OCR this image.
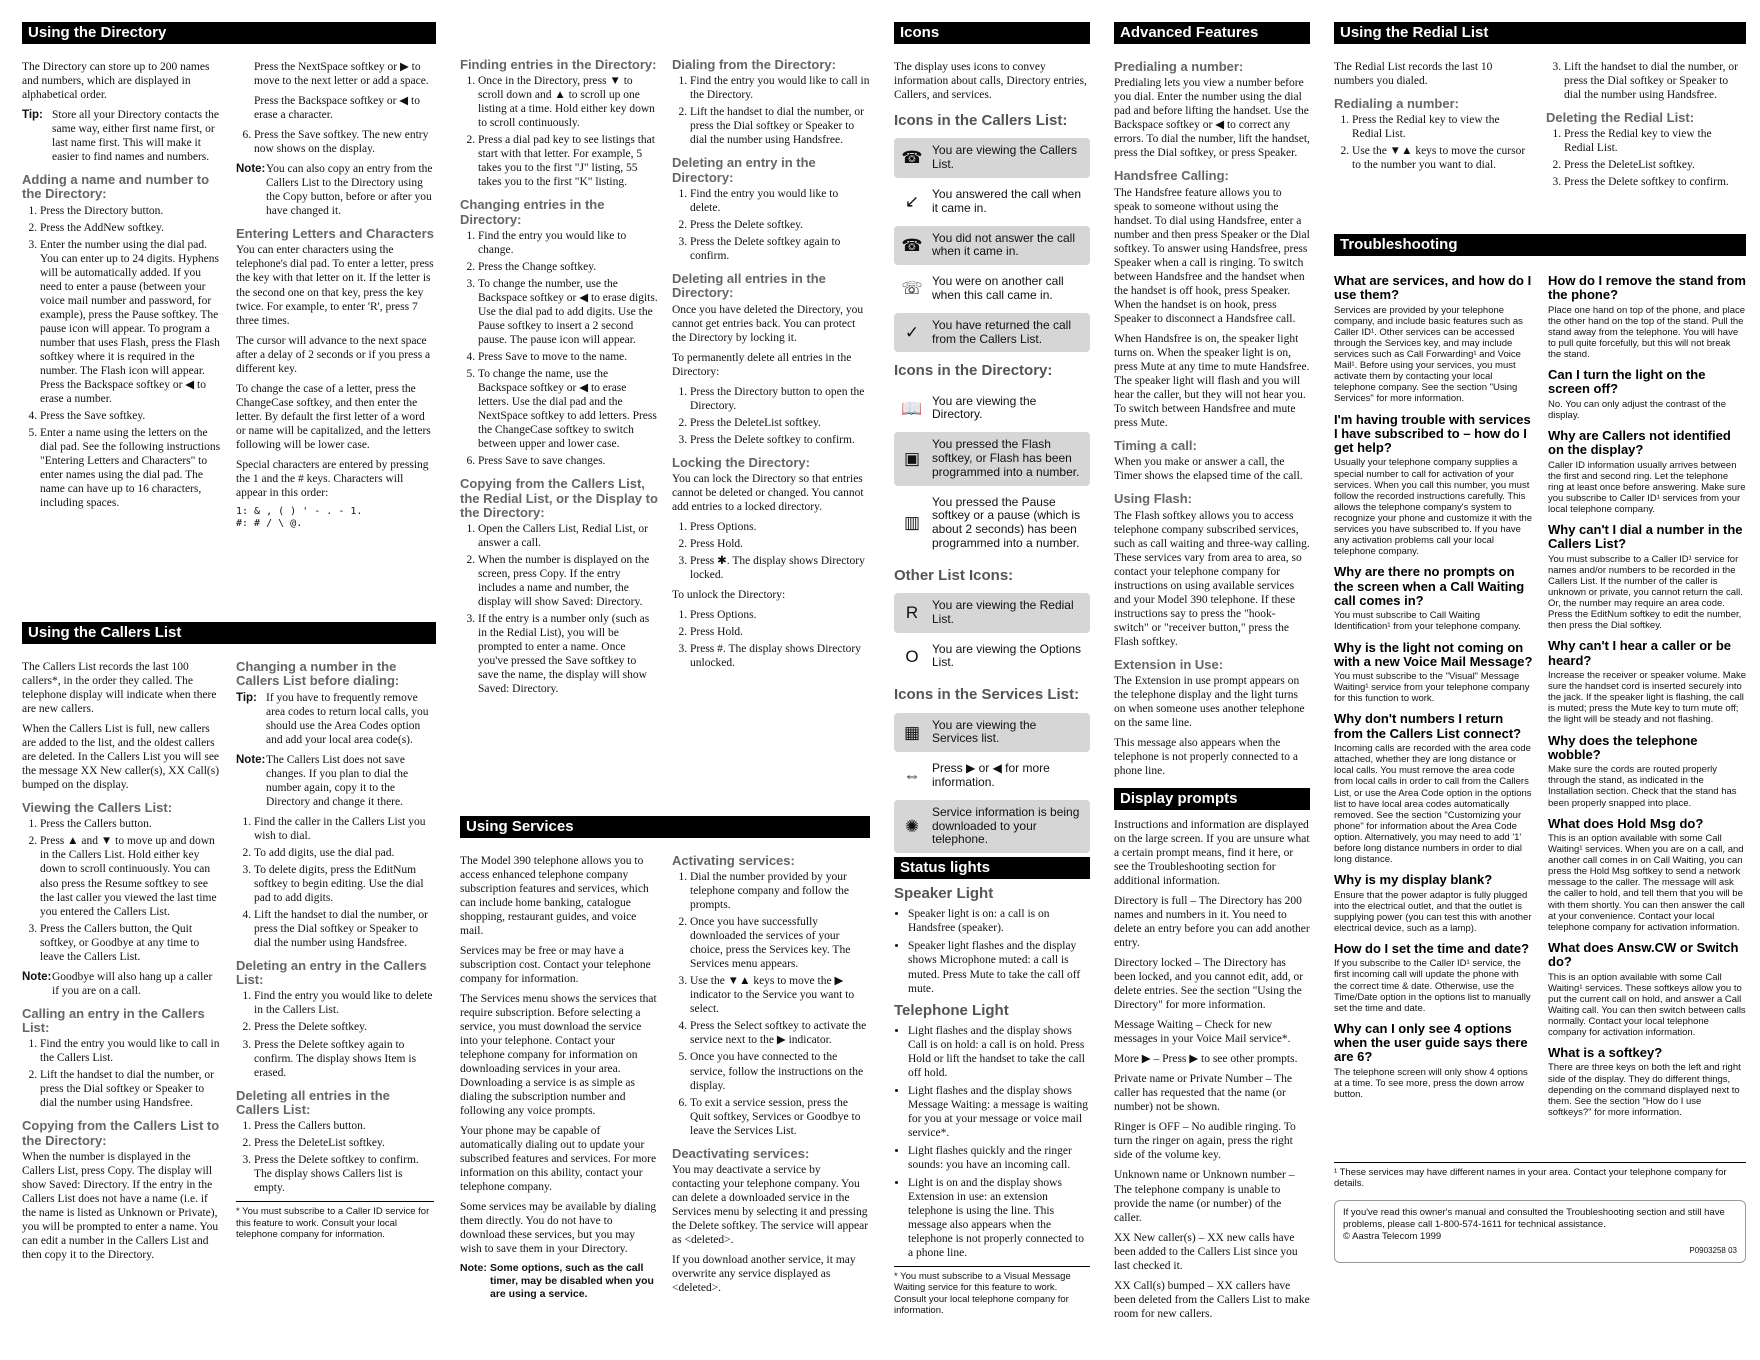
Using the Directory

The Directory can store up to 200 names and numbers, which are displayed in alphabetical order.

Tip: Store all your Directory contacts the same way, either first name first, or last name first. This will make it easier to find names and numbers.
Adding a name and number to the Directory:
1. Press the Directory button.
2. Press the AddNew softkey.
3. Enter the number using the dial pad. You can enter up to 24 digits. Hyphens will be automatically added. If you need to enter a pause (between your voice mail number and password, for example), press the Pause softkey. The pause icon will appear. To program a number that uses Flash, press the Flash softkey where it is required in the number. The Flash icon will appear. Press the Backspace softkey or ◀ to erase a number.
4. Press the Save softkey.
5. Enter a name using the letters on the dial pad. See the following instructions "Entering Letters and Characters" to enter names using the dial pad. The name can have up to 16 characters, including spaces.

Press the NextSpace softkey or ▶ to move to the next letter or add a space.

Press the Backspace softkey or ◀ to erase a character.

6. Press the Save softkey. The new entry now shows on the display.
Note: You can also copy an entry from the Callers List to the Directory using the Copy button, before or after you have changed it.
Entering Letters and Characters

You can enter characters using the telephone's dial pad. To enter a letter, press the key with that letter on it. If the letter is the second one on that key, press the key twice. For example, to enter 'R', press 7 three times.

The cursor will advance to the next space after a delay of 2 seconds or if you press a different key.

To change the case of a letter, press the ChangeCase softkey, and then enter the letter. By default the first letter of a word or name will be capitalized, and the letters following will be lower case.

Special characters are entered by pressing the 1 and the # keys. Characters will appear in this order:

1: & , ( ) ' - . - 1.
#: # / \ @.
Using the Callers List

The Callers List records the last 100 callers*, in the order they called. The telephone display will indicate when there are new callers.

When the Callers List is full, new callers are added to the list, and the oldest callers are deleted. In the Callers List you will see the message XX New caller(s), XX Call(s) bumped on the display.

Viewing the Callers List:
1. Press the Callers button.
2. Press ▲ and ▼ to move up and down in the Callers List. Hold either key down to scroll continuously. You can also press the Resume softkey to see the last caller you viewed the last time you entered the Callers List.
3. Press the Callers button, the Quit softkey, or Goodbye at any time to leave the Callers List.
Note: Goodbye will also hang up a caller if you are on a call.
Calling an entry in the Callers List:
1. Find the entry you would like to call in the Callers List.
2. Lift the handset to dial the number, or press the Dial softkey or Speaker to dial the number using Handsfree.
Copying from the Callers List to the Directory:

When the number is displayed in the Callers List, press Copy. The display will show Saved: Directory. If the entry in the Callers List does not have a name (i.e. if the name is listed as Unknown or Private), you will be prompted to enter a name. You can edit a number in the Callers List and then copy it to the Directory.

Changing a number in the Callers List before dialing:
Tip: If you have to frequently remove area codes to return local calls, you should use the Area Codes option and add your local area code(s).
Note: The Callers List does not save changes. If you plan to dial the number again, copy it to the Directory and change it there.
1. Find the caller in the Callers List you wish to dial.
2. To add digits, use the dial pad.
3. To delete digits, press the EditNum softkey to begin editing. Use the dial pad to add digits.
4. Lift the handset to dial the number, or press the Dial softkey or Speaker to dial the number using Handsfree.
Deleting an entry in the Callers List:
1. Find the entry you would like to delete in the Callers List.
2. Press the Delete softkey.
3. Press the Delete softkey again to confirm. The display shows Item is erased.
Deleting all entries in the Callers List:
1. Press the Callers button.
2. Press the DeleteList softkey.
3. Press the Delete softkey to confirm. The display shows Callers list is empty.
* You must subscribe to a Caller ID service for this feature to work. Consult your local telephone company for information.
Finding entries in the Directory:
1. Once in the Directory, press ▼ to scroll down and ▲ to scroll up one listing at a time. Hold either key down to scroll continuously.
2. Press a dial pad key to see listings that start with that letter. For example, 5 takes you to the first "J" listing, 55 takes you to the first "K" listing.
Changing entries in the Directory:
1. Find the entry you would like to change.
2. Press the Change softkey.
3. To change the number, use the Backspace softkey or ◀ to erase digits. Use the dial pad to add digits. Use the Pause softkey to insert a 2 second pause. The pause icon will appear.
4. Press Save to move to the name.
5. To change the name, use the Backspace softkey or ◀ to erase letters. Use the dial pad and the NextSpace softkey to add letters. Press the ChangeCase softkey to switch between upper and lower case.
6. Press Save to save changes.
Copying from the Callers List, the Redial List, or the Display to the Directory:
1. Open the Callers List, Redial List, or answer a call.
2. When the number is displayed on the screen, press Copy. If the entry includes a name and number, the display will show Saved: Directory.
3. If the entry is a number only (such as in the Redial List), you will be prompted to enter a name. Once you've pressed the Save softkey to save the name, the display will show Saved: Directory.
Dialing from the Directory:
1. Find the entry you would like to call in the Directory.
2. Lift the handset to dial the number, or press the Dial softkey or Speaker to dial the number using Handsfree.
Deleting an entry in the Directory:
1. Find the entry you would like to delete.
2. Press the Delete softkey.
3. Press the Delete softkey again to confirm.
Deleting all entries in the Directory:

Once you have deleted the Directory, you cannot get entries back. You can protect the Directory by locking it.

To permanently delete all entries in the Directory:

1. Press the Directory button to open the Directory.
2. Press the DeleteList softkey.
3. Press the Delete softkey to confirm.
Locking the Directory:

You can lock the Directory so that entries cannot be deleted or changed. You cannot add entries to a locked directory.

1. Press Options.
2. Press Hold.
3. Press ✱. The display shows Directory locked.

To unlock the Directory:

1. Press Options.
2. Press Hold.
3. Press #. The display shows Directory unlocked.
Using Services

The Model 390 telephone allows you to access enhanced telephone company subscription features and services, which can include home banking, catalogue shopping, restaurant guides, and voice mail.

Services may be free or may have a subscription cost. Contact your telephone company for information.

The Services menu shows the services that require subscription. Before selecting a service, you must download the service into your telephone. Contact your telephone company for information on downloading services in your area. Downloading a service is as simple as dialing the subscription number and following any voice prompts.

Your phone may be capable of automatically dialing out to update your subscribed features and services. For more information on this ability, contact your telephone company.

Some services may be available by dialing them directly. You do not have to download these services, but you may wish to save them in your Directory.

Note: Some options, such as the call timer, may be disabled when you are using a service.
Activating services:
1. Dial the number provided by your telephone company and follow the prompts.
2. Once you have successfully downloaded the services of your choice, press the Services key. The Services menu appears.
3. Use the ▼▲ keys to move the ▶ indicator to the Service you want to select.
4. Press the Select softkey to activate the service next to the ▶ indicator.
5. Once you have connected to the service, follow the instructions on the display.
6. To exit a service session, press the Quit softkey, Services or Goodbye to leave the Services List.
Deactivating services:

You may deactivate a service by contacting your telephone company. You can delete a downloaded service in the Services menu by selecting it and pressing the Delete softkey. The service will appear as <deleted>.

If you download another service, it may overwrite any service displayed as <deleted>.

Icons

The display uses icons to convey information about calls, Directory entries, Callers, and services.

Icons in the Callers List:
☎ You are viewing the Callers List.
↙	You answered the call when it came in.
☎ You did not answer the call when it came in.
☏ You were on another call when this call came in.
✓	You have returned the call from the Callers List.
Icons in the Directory:
📖 You are viewing the Directory.
▣
You pressed the Flash softkey, or Flash has been programmed into a number.
▥
You pressed the Pause softkey or a pause (which is about 2 seconds) has been programmed into a number.
Other List Icons:
R	You are viewing the Redial List.
O	You are viewing the Options List.
Icons in the Services List:
▦ You are viewing the Services list.
⇔ Press ▶ or ◀ for more information.
✺
Service information is being downloaded to your telephone.
Status lights
Speaker Light
• Speaker light is on: a call is on Handsfree (speaker).
• Speaker light flashes and the display shows Microphone muted: a call is muted. Press Mute to take the call off mute.
Telephone Light
• Light flashes and the display shows Call is on hold: a call is on hold. Press Hold or lift the handset to take the call off hold.
• Light flashes and the display shows Message Waiting: a message is waiting for you at your message or voice mail service*.
• Light flashes quickly and the ringer sounds: you have an incoming call.
• Light is on and the display shows Extension in use: an extension telephone is using the line. This message also appears when the telephone is not properly connected to a phone line.
* You must subscribe to a Visual Message Waiting service for this feature to work. Consult your local telephone company for information.
Advanced Features
Predialing a number:

Predialing lets you view a number before you dial. Enter the number using the dial pad and before lifting the handset. Use the Backspace softkey or ◀ to correct any errors. To dial the number, lift the handset, press the Dial softkey, or press Speaker.

Handsfree Calling:

The Handsfree feature allows you to speak to someone without using the handset. To dial using Handsfree, enter a number and then press Speaker or the Dial softkey. To answer using Handsfree, press Speaker when a call is ringing. To switch between Handsfree and the handset when the handset is off hook, press Speaker. When the handset is on hook, press Speaker to disconnect a Handsfree call.

When Handsfree is on, the speaker light turns on. When the speaker light is on, press Mute at any time to mute Handsfree. The speaker light will flash and you will hear the caller, but they will not hear you. To switch between Handsfree and mute press Mute.

Timing a call:

When you make or answer a call, the Timer shows the elapsed time of the call.

Using Flash:

The Flash softkey allows you to access telephone company subscribed services, such as call waiting and three-way calling. These services vary from area to area, so contact your telephone company for instructions on using available services and your Model 390 telephone. If these instructions say to press the "hook-switch" or "receiver button," press the Flash softkey.

Extension in Use:

The Extension in use prompt appears on the telephone display and the light turns on when someone uses another telephone on the same line.

This message also appears when the telephone is not properly connected to a phone line.

Display prompts

Instructions and information are displayed on the large screen. If you are unsure what a certain prompt means, find it here, or see the Troubleshooting section for additional information.

Directory is full – The Directory has 200 names and numbers in it. You need to delete an entry before you can add another entry.

Directory locked – The Directory has been locked, and you cannot edit, add, or delete entries. See the section "Using the Directory" for more information.

Message Waiting – Check for new messages in your Voice Mail service*.

More ▶ – Press ▶ to see other prompts.

Private name or Private Number – The caller has requested that the name (or number) not be shown.

Ringer is OFF – No audible ringing. To turn the ringer on again, press the right side of the volume key.

Unknown name or Unknown number – The telephone company is unable to provide the name (or number) of the caller.

XX New caller(s) – XX new calls have been added to the Callers List since you last checked it.

XX Call(s) bumped – XX callers have been deleted from the Callers List to make room for new callers.

Using the Redial List

The Redial List records the last 10 numbers you dialed.

Redialing a number:
1. Press the Redial key to view the Redial List.
2. Use the ▼▲ keys to move the cursor to the number you want to dial.
3. Lift the handset to dial the number, or press the Dial softkey or Speaker to dial the number using Handsfree.
Deleting the Redial List:
1. Press the Redial key to view the Redial List.
2. Press the DeleteList softkey.
3. Press the Delete softkey to confirm.
Troubleshooting
What are services, and how do I use them?
Services are provided by your telephone company, and include basic features such as Caller ID¹. Other services can be accessed through the Services key, and may include services such as Call Forwarding¹ and Voice Mail¹. Before using your services, you must activate them by contacting your local telephone company. See the section "Using Services" for more information.
I'm having trouble with services I have subscribed to – how do I get help?
Usually your telephone company supplies a special number to call for activation of your services. When you call this number, you must follow the recorded instructions carefully. This allows the telephone company's system to recognize your phone and customize it with the services you have subscribed to. If you have any activation problems call your local telephone company.
Why are there no prompts on the screen when a Call Waiting call comes in?
You must subscribe to Call Waiting Identification¹ from your telephone company.
Why is the light not coming on with a new Voice Mail Message?
You must subscribe to the "Visual" Message Waiting¹ service from your telephone company for this function to work.
Why don't numbers I return from the Callers List connect?
Incoming calls are recorded with the area code attached, whether they are long distance or local calls. You must remove the area code from local calls in order to call from the Callers List, or use the Area Code option in the options list to have local area codes automatically removed. See the section "Customizing your phone" for information about the Area Code option. Alternatively, you may need to add '1' before long distance numbers in order to dial long distance.
Why is my display blank?
Ensure that the power adaptor is fully plugged into the electrical outlet, and that the outlet is supplying power (you can test this with another electrical device, such as a lamp).
How do I set the time and date?
If you subscribe to the Caller ID¹ service, the first incoming call will update the phone with the correct time & date. Otherwise, use the Time/Date option in the options list to manually set the time and date.
Why can I only see 4 options when the user guide says there are 6?
The telephone screen will only show 4 options at a time. To see more, press the down arrow button.
How do I remove the stand from the phone?
Place one hand on top of the phone, and place the other hand on the top of the stand. Pull the stand away from the telephone. You will have to pull quite forcefully, but this will not break the stand.
Can I turn the light on the screen off?
No. You can only adjust the contrast of the display.
Why are Callers not identified on the display?
Caller ID information usually arrives between the first and second ring. Let the telephone ring at least once before answering. Make sure you subscribe to Caller ID¹ services from your local telephone company.
Why can't I dial a number in the Callers List?
You must subscribe to a Caller ID¹ service for names and/or numbers to be recorded in the Callers List. If the number of the caller is unknown or private, you cannot return the call. Or, the number may require an area code. Press the EditNum softkey to edit the number, then press the Dial softkey.
Why can't I hear a caller or be heard?
Increase the receiver or speaker volume. Make sure the handset cord is inserted securely into the jack. If the speaker light is flashing, the call is muted; press the Mute key to turn mute off; the light will be steady and not flashing.
Why does the telephone wobble?
Make sure the cords are routed properly through the stand, as indicated in the Installation section. Check that the stand has been properly snapped into place.
What does Hold Msg do?
This is an option available with some Call Waiting¹ services. When you are on a call, and another call comes in on Call Waiting, you can press the Hold Msg softkey to send a network message to the caller. The message will ask the caller to hold, and tell them that you will be with them shortly. You can then answer the call at your convenience. Contact your local telephone company for activation information.
What does Answ.CW or Switch do?
This is an option available with some Call Waiting¹ services. These softkeys allow you to put the current call on hold, and answer a Call Waiting call. You can then switch between calls normally. Contact your local telephone company for activation information.
What is a softkey?
There are three keys on both the left and right side of the display. They do different things, depending on the command displayed next to them. See the section "How do I use softkeys?" for more information.
¹ These services may have different names in your area. Contact your telephone company for details.
If you've read this owner's manual and consulted the Troubleshooting section and still have problems, please call 1-800-574-1611 for technical assistance.
© Aastra Telecom 1999
P0903258 03
